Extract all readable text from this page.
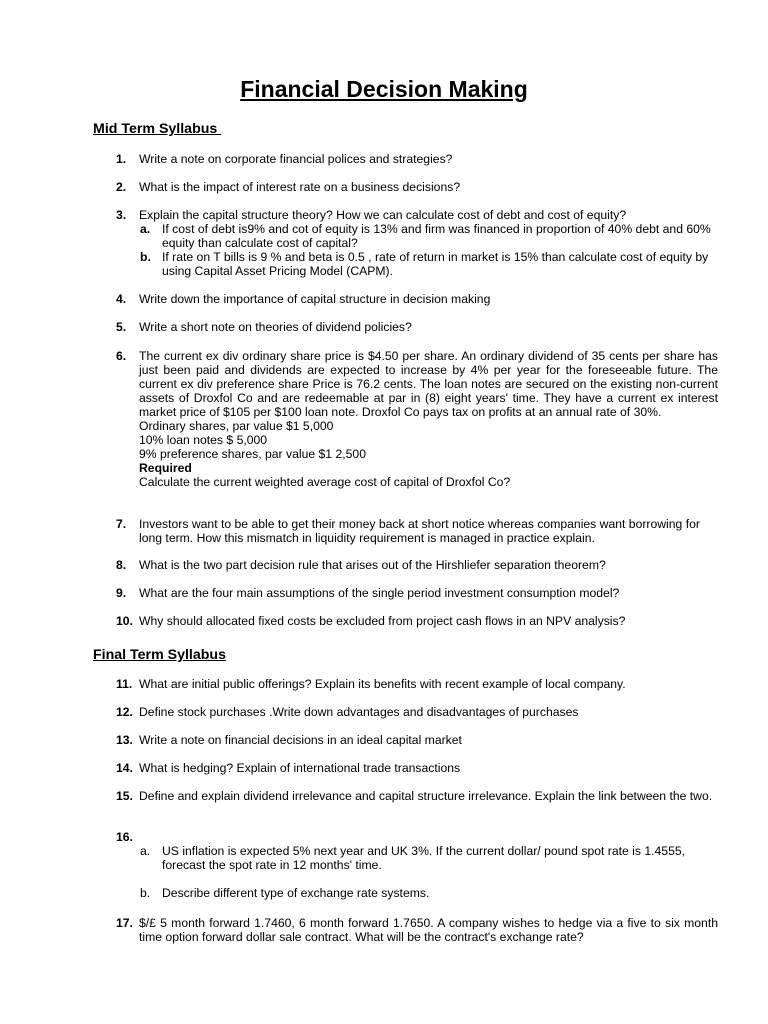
Financial Decision Making
Mid Term Syllabus
1. Write a note on corporate financial polices and strategies?
2. What is the impact of interest rate on a business decisions?
3. Explain the capital structure theory? How we can calculate cost of debt and cost of equity?
a. If cost of debt is9% and cot of equity is 13% and firm was financed in proportion of 40% debt and 60% equity than calculate cost of capital?
b. If rate on T bills is 9 % and beta is 0.5 , rate of return in market is 15% than calculate cost of equity by using Capital Asset Pricing Model (CAPM).
4. Write down the importance of capital structure in decision making
5. Write a short note on theories of dividend policies?
6. The current ex div ordinary share price is $4.50 per share. An ordinary dividend of 35 cents per share has just been paid and dividends are expected to increase by 4% per year for the foreseeable future. The current ex div preference share Price is 76.2 cents. The loan notes are secured on the existing non-current assets of Droxfol Co and are redeemable at par in (8) eight years' time. They have a current ex interest market price of $105 per $100 loan note. Droxfol Co pays tax on profits at an annual rate of 30%.
Ordinary shares, par value $1 5,000
10% loan notes $ 5,000
9% preference shares, par value $1 2,500
Required
Calculate the current weighted average cost of capital of Droxfol Co?
7. Investors want to be able to get their money back at short notice whereas companies want borrowing for long term. How this mismatch in liquidity requirement is managed in practice explain.
8. What is the two part decision rule that arises out of the Hirshliefer separation theorem?
9. What are the four main assumptions of the single period investment consumption model?
10. Why should allocated fixed costs be excluded from project cash flows in an NPV analysis?
Final Term Syllabus
11. What are initial public offerings? Explain its benefits with recent example of local company.
12. Define stock purchases .Write down advantages and disadvantages of purchases
13. Write a note on financial decisions in an ideal capital market
14. What is hedging? Explain of international trade transactions
15. Define and explain dividend irrelevance and capital structure irrelevance. Explain the link between the two.
16.
a. US inflation is expected 5% next year and UK 3%. If the current dollar/ pound spot rate is 1.4555, forecast the spot rate in 12 months' time.
b. Describe different type of exchange rate systems.
17. $/£ 5 month forward 1.7460, 6 month forward 1.7650. A company wishes to hedge via a five to six month time option forward dollar sale contract. What will be the contract's exchange rate?
